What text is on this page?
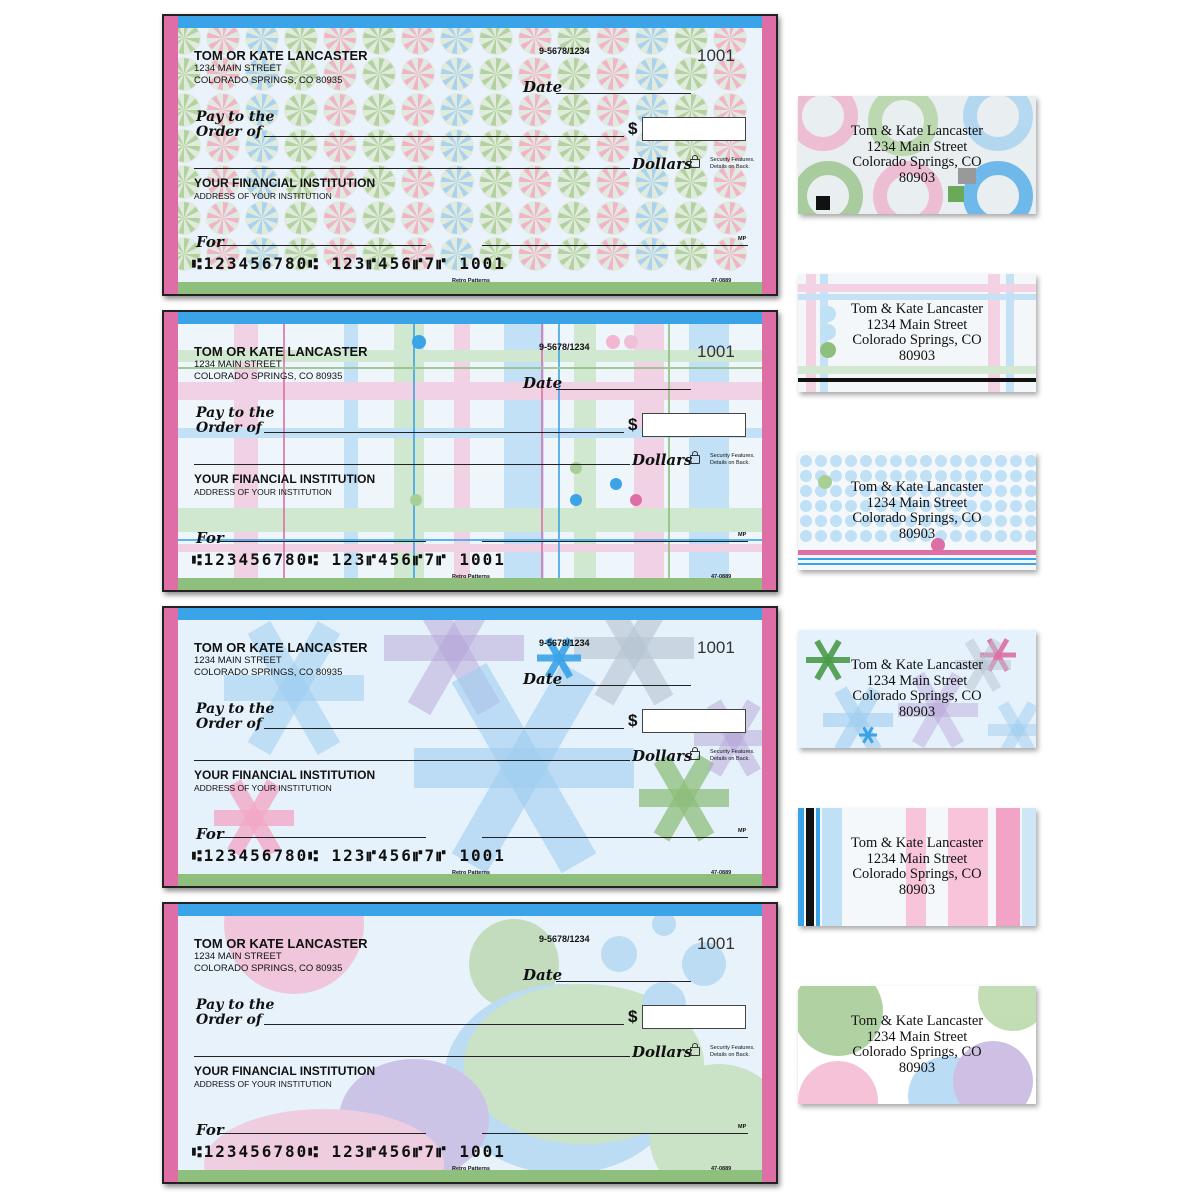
TOM OR KATE LANCASTER
1234 MAIN STREET
COLORADO SPRINGS, CO 80935
9-5678/1234	1001
Date
Pay to the
Order of	$
Dollars	Security Features.
Details on Back.
YOUR FINANCIAL INSTITUTION
ADDRESS OF YOUR INSTITUTION
For	MP
⑆123456780⑆ 123⑈456⑈7⑈ 1001
Retro Patterns	47-0889
TOM OR KATE LANCASTER
1234 MAIN STREET
COLORADO SPRINGS, CO 80935
9-5678/1234	1001
Date
Pay to the
Order of	$
Dollars	Security Features.
Details on Back.
YOUR FINANCIAL INSTITUTION
ADDRESS OF YOUR INSTITUTION
For	MP
⑆123456780⑆ 123⑈456⑈7⑈ 1001
Retro Patterns	47-0889
TOM OR KATE LANCASTER
1234 MAIN STREET
COLORADO SPRINGS, CO 80935
9-5678/1234	1001
Date
Pay to the
Order of	$
Dollars	Security Features.
Details on Back.
YOUR FINANCIAL INSTITUTION
ADDRESS OF YOUR INSTITUTION
For	MP
⑆123456780⑆ 123⑈456⑈7⑈ 1001
Retro Patterns	47-0889
TOM OR KATE LANCASTER
1234 MAIN STREET
COLORADO SPRINGS, CO 80935
9-5678/1234	1001
Date
Pay to the
Order of	$
Dollars	Security Features.
Details on Back.
YOUR FINANCIAL INSTITUTION
ADDRESS OF YOUR INSTITUTION
For	MP
⑆123456780⑆ 123⑈456⑈7⑈ 1001
Retro Patterns	47-0889
Tom & Kate Lancaster
1234 Main Street
Colorado Springs, CO
80903
Tom & Kate Lancaster
1234 Main Street
Colorado Springs, CO
80903
Tom & Kate Lancaster
1234 Main Street
Colorado Springs, CO
80903
Tom & Kate Lancaster
1234 Main Street
Colorado Springs, CO
80903
Tom & Kate Lancaster
1234 Main Street
Colorado Springs, CO
80903
Tom & Kate Lancaster
1234 Main Street
Colorado Springs, CO
80903
